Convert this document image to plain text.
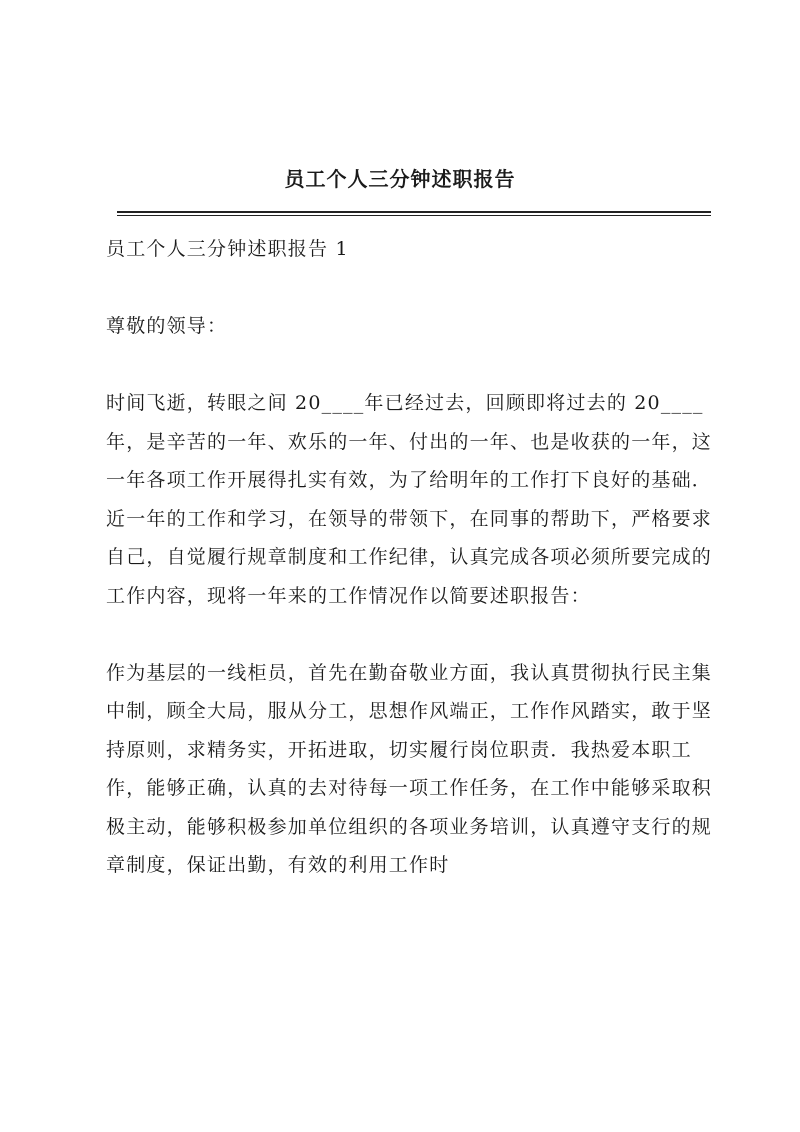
员工个人三分钟述职报告

员工个人三分钟述职报告 1

尊敬的领导：

时间飞逝，转眼之间 20____年已经过去，回顾即将过去的 20____年，是辛苦的一年、欢乐的一年、付出的一年、也是收获的一年，这一年各项工作开展得扎实有效，为了给明年的工作打下良好的基础．近一年的工作和学习，在领导的带领下，在同事的帮助下，严格要求自己，自觉履行规章制度和工作纪律，认真完成各项必须所要完成的工作内容，现将一年来的工作情况作以简要述职报告：

作为基层的一线柜员，首先在勤奋敬业方面，我认真贯彻执行民主集中制，顾全大局，服从分工，思想作风端正，工作作风踏实，敢于坚持原则，求精务实，开拓进取，切实履行岗位职责．我热爱本职工作，能够正确，认真的去对待每一项工作任务，在工作中能够采取积极主动，能够积极参加单位组织的各项业务培训，认真遵守支行的规章制度，保证出勤，有效的利用工作时
